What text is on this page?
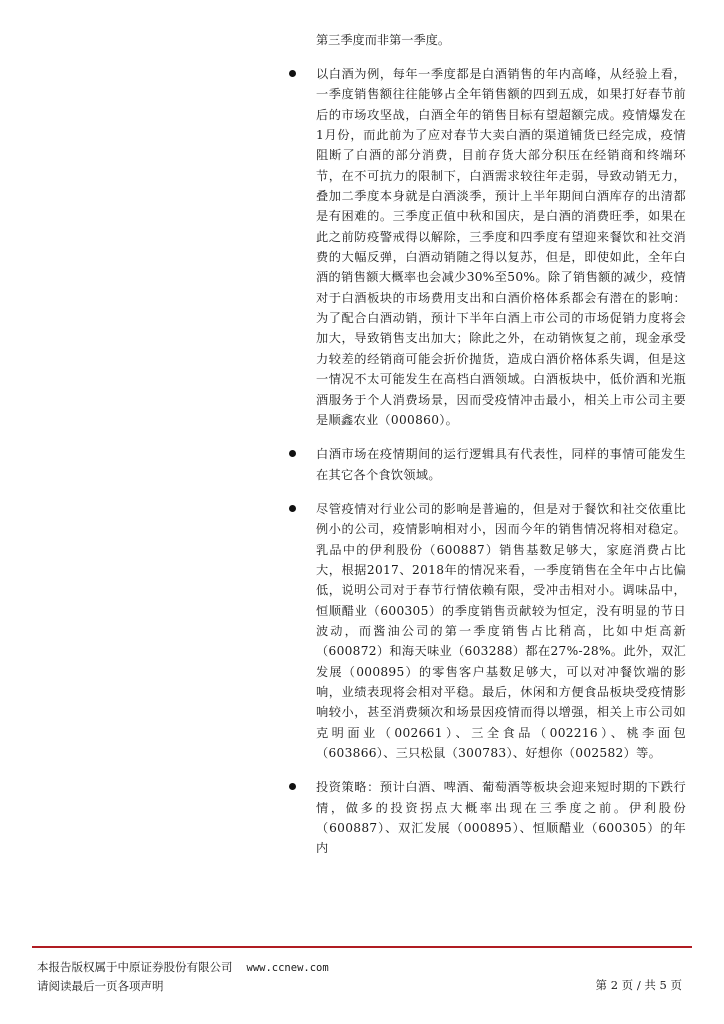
第三季度而非第一季度。

以白酒为例，每年一季度都是白酒销售的年内高峰，从经验上看，一季度销售额往往能够占全年销售额的四到五成，如果打好春节前后的市场攻坚战，白酒全年的销售目标有望超额完成。疫情爆发在1月份，而此前为了应对春节大卖白酒的渠道铺货已经完成，疫情阻断了白酒的部分消费，目前存货大部分积压在经销商和终端环节，在不可抗力的限制下，白酒需求较往年走弱，导致动销无力，叠加二季度本身就是白酒淡季，预计上半年期间白酒库存的出清都是有困难的。三季度正值中秋和国庆，是白酒的消费旺季，如果在此之前防疫警戒得以解除，三季度和四季度有望迎来餐饮和社交消费的大幅反弹，白酒动销随之得以复苏，但是，即使如此，全年白酒的销售额大概率也会减少30%至50%。除了销售额的减少，疫情对于白酒板块的市场费用支出和白酒价格体系都会有潜在的影响：为了配合白酒动销，预计下半年白酒上市公司的市场促销力度将会加大，导致销售支出加大；除此之外，在动销恢复之前，现金承受力较差的经销商可能会折价抛货，造成白酒价格体系失调，但是这一情况不太可能发生在高档白酒领域。白酒板块中，低价酒和光瓶酒服务于个人消费场景，因而受疫情冲击最小，相关上市公司主要是顺鑫农业（000860）。
白酒市场在疫情期间的运行逻辑具有代表性，同样的事情可能发生在其它各个食饮领域。
尽管疫情对行业公司的影响是普遍的，但是对于餐饮和社交依重比例小的公司，疫情影响相对小，因而今年的销售情况将相对稳定。乳品中的伊利股份（600887）销售基数足够大，家庭消费占比大，根据2017、2018年的情况来看，一季度销售在全年中占比偏低，说明公司对于春节行情依赖有限，受冲击相对小。调味品中，恒顺醋业（600305）的季度销售贡献较为恒定，没有明显的节日波动，而酱油公司的第一季度销售占比稍高，比如中炬高新（600872）和海天味业（603288）都在27%-28%。此外，双汇发展（000895）的零售客户基数足够大，可以对冲餐饮端的影响，业绩表现将会相对平稳。最后，休闲和方便食品板块受疫情影响较小，甚至消费频次和场景因疫情而得以增强，相关上市公司如克明面业（002661）、三全食品（002216）、桃李面包（603866）、三只松鼠（300783）、好想你（002582）等。
投资策略：预计白酒、啤酒、葡萄酒等板块会迎来短时期的下跌行情，做多的投资拐点大概率出现在三季度之前。伊利股份（600887）、双汇发展（000895）、恒顺醋业（600305）的年内
本报告版权属于中原证券股份有限公司 www.ccnew.com
请阅读最后一页各项声明	第 2 页 / 共 5 页
